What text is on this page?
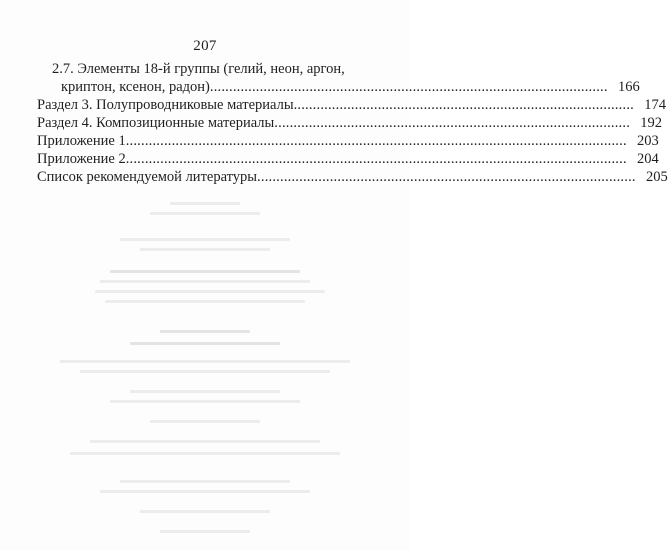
207
2.7. Элементы 18-й группы (гелий, неон, аргон,
криптон, ксенон, радон) ........................................................................................................ 166
Раздел 3. Полупроводниковые материалы ......................................................................................... 174
Раздел 4. Композиционные материалы ............................................................................................. 192
Приложение 1 ................................................................................................................................... 203
Приложение 2 ................................................................................................................................... 204
Список рекомендуемой литературы ................................................................................................... 205
